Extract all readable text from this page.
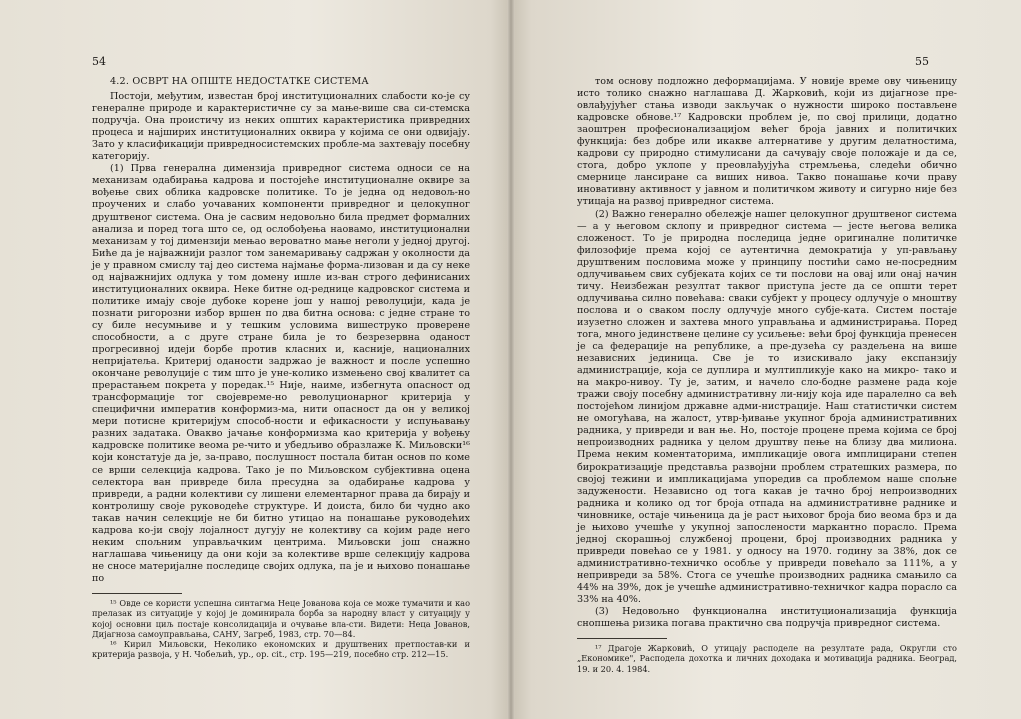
54
4.2. ОСВРТ НА ОПШТЕ НЕДОСТАТКЕ СИСТЕМА

Постоји, међутим, известан број институционалних слабости ко-је су генералне природе и карактеристичне су за мање-више сва си-стемска подручја. Она проистичу из неких општих карактеристика привредних процеса и најширих институционалних оквира у којима се они одвијају. Зато у класификацији привредносистемских пробле-ма захтевају посебну категорију.

(1) Прва генерална димензија привредног система односи се на механизам одабирања кадрова и постојеће институционалне оквире за вођење свих облика кадровске политике. То је једна од недовољ-но проучених и слабо уочаваних компоненти привредног и целокупног друштвеног система. Она је сасвим недовољно била предмет формалних анализа и поред тога што се, од ослобођења наовамо, институционални механизам у тој димензији мењао вероватно мање неголи у једној другој. Биће да је најважнији разлог том занемаривању садржан у околности да је у правном смислу тај део система најмање форма-лизован и да су неке од најважнијих одлука у том домену ишле из-ван строго дефинисаних институционалних оквира. Неке битне од-реднице кадровског система и политике имају своје дубоке корене још у нашој револуцији, када је познати ригорозни избор вршен по два битна основа: с једне стране то су биле несумњиве и у тешким условима вишеструко проверене способности, а с друге стране била је то безрезервна оданост прогресивној идеји борбе против класних и, касније, националних непријатеља. Критериј оданости задржао је важност и после успешно окончане револуције с тим што је уне-колико измењено свој квалитет са прерастањем покрета у поредак.¹⁵ Није, наиме, избегнута опасност од трансформације тог својевреме-но револуционарног критерија у специфични императив конформиз-ма, нити опасност да он у великој мери потисне критеријум способ-ности и ефикасности у испуњавању разних задатака. Овакво јачање конформизма као критерија у вођењу кадровске политике веома ре-чито и убедљиво образлаже К. Миљовски¹⁶ који констатује да је, за-право, послушност постала битан основ по коме се врши селекција кадрова. Тако је по Миљовском субјективна оцена селектора ван привреде била пресудна за одабирање кадрова у привреди, а радни колективи су лишени елементарног права да бирају и контролишу своје руководеће структуре. И доиста, било би чудно ако такав начин селекције не би битно утицао на понашање руководећих кадрова ко-ји своју лојалност дугују не колективу са којим раде него неким спољним управљачким центрима. Миљовски још снажно наглашава чињеницу да они који за колективе врше селекцију кадрова не сносе материјалне последице својих одлука, па је и њихово понашање по

¹⁵ Овде се користи успешна синтагма Неце Јованова која се може тумачити и као прелазак из ситуације у којој је доминирала борба за народну власт у ситуацију у којој основни циљ постаје консолидација и очување вла-сти. Видети: Неца Јованов, Дијагноза самоуправљања, САНУ, Загреб, 1983, стр. 70—84.

¹⁶ Кирил Миљовски, Неколико економских и друштвених претпостав-ки и критерија развоја, у Н. Чобељић, ур., op. cit., стр. 195—219, посебно стр. 212—15.

55

том основу подложно деформацијама. У новије време ову чињеницу исто толико снажно наглашава Д. Жарковић, који из дијагнозе пре-овлађујућег стања изводи закључак о нужности широко постављене кадровске обнове.¹⁷ Кадровски проблем је, по свој прилици, додатно заоштрен професионализацијом већег броја јавних и политичких функција: без добре или икакве алтернативе у другим делатностима, кадрови су природно стимулисани да сачувају своје положаје и да се, стога, добро уклопе у преовлађујућа стремљења, следећи обично смернице лансиране са виших нивоа. Такво понашање кочи праву иновативну активност у јавном и политичком животу и сигурно није без утицаја на развој привредног система.

(2) Важно генерално обележје нашег целокупног друштвеног система — а у његовом склопу и привредног система — јесте његова велика сложеност. То је природна последица једне оригиналне политичке филозофије према којој се аутентична демократија у уп-рављању друштвеним пословима може у принципу постићи само не-посредним одлучивањем свих субјеката којих се ти послови на овај или онај начин тичу. Неизбежан резултат таквог приступа јесте да се општи терет одлучивања силно повећава: сваки субјект у процесу одлучује о мноштву послова и о сваком послу одлучује много субје-ката. Систем постаје изузетно сложен и захтева много управљања и администрирања. Поред тога, много јединствене целине су усиљење: већи број функција пренесен је са федерације на републике, а пре-дузећа су раздељена на више независних јединица. Све је то изискивало јаку експанзију администрације, која се дуплира и мултипликује како на микро- тако и на макро-нивоу. Ту је, затим, и начело сло-бодне размене рада које тражи своју посебну административну ли-нију која иде паралелно са већ постојећом линијом државне адми-нистрације. Наш статистички систем не омогућава, на жалост, утвр-ђивање укупног броја административних радника, у привреди и ван ње. Но, постоје процене према којима се број непроизводних радника у целом друштву пење на близу два милиона. Према неким коментаторима, импликације овога имплицирани степен бирократизације представља развојни проблем стратешких размера, по својој тежини и импликацијама упоредив са проблемом наше спољне задужености. Независно од тога какав је тачно број непроизводних радника и колико од тог броја отпада на административне раднике и чиновнике, остаје чињеница да је раст њиховог броја био веома брз и да је њихово учешће у укупној запослености маркантно порасло. Према једној скорашњој службеној процени, број производних радника у привреди повећао се у 1981. у односу на 1970. годину за 38%, док се административно-техничко особље у привреди повећало за 111%, а у непривреди за 58%. Стога се учешће производних радника смањило са 44% на 39%, док је учешће административно-техничког кадра порасло са 33% на 40%.

(3) Недовољно функционална институционализација функција снопшења ризика погава практично сва подручја привредног система.

¹⁷ Драгоје Жарковић, О утицају расподеле на резултате рада, Округли сто „Економике", Расподела дохотка и личних доходака и мотивација радника. Београд, 19. и 20. 4. 1984.
